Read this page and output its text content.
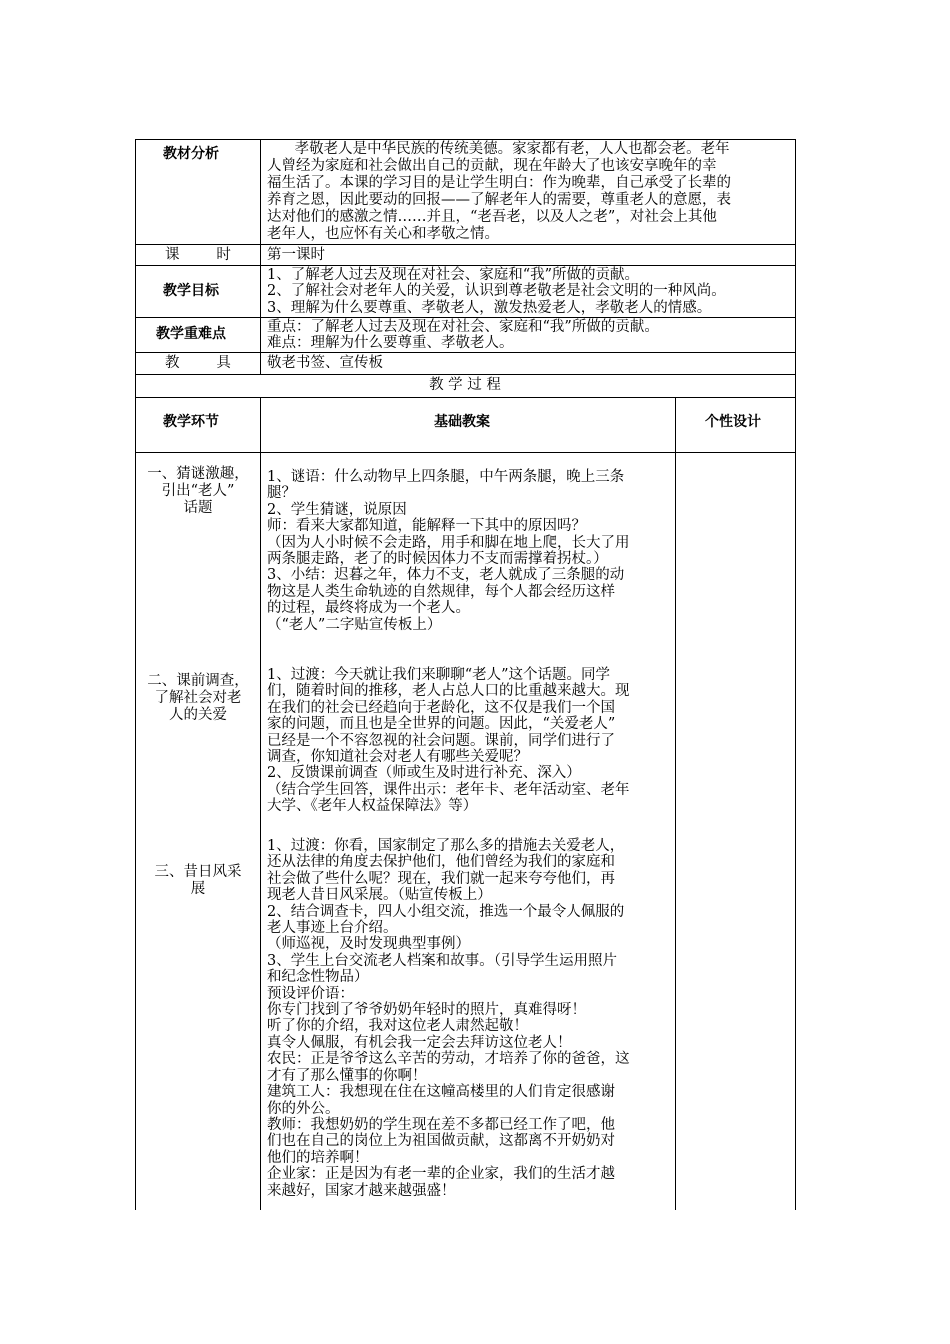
教材分析	孝敬老人是中华民族的传统美德。家家都有老，人人也都会老。老年
人曾经为家庭和社会做出自己的贡献，现在年龄大了也该安享晚年的幸
福生活了。本课的学习目的是让学生明白：作为晚辈，自己承受了长辈的
养育之恩，因此要动的回报——了解老年人的需要，尊重老人的意愿，表
达对他们的感激之情……并且，“老吾老，以及人之老”，对社会上其他
老年人，也应怀有关心和孝敬之情。
课        时 第一课时
教学目标
1、了解老人过去及现在对社会、家庭和“我”所做的贡献。
2、了解社会对老年人的关爱，认识到尊老敬老是社会文明的一种风尚。
3、理解为什么要尊重、孝敬老人，激发热爱老人，孝敬老人的情感。
教学重难点	重点：了解老人过去及现在对社会、家庭和“我”所做的贡献。
难点：理解为什么要尊重、孝敬老人。
教        具 敬老书签、宣传板
教 学 过 程
教学环节	基础教案	个性设计
一、猜谜激趣，
引出“老人”
话题
1、谜语：什么动物早上四条腿，中午两条腿，晚上三条
腿？
2、学生猜谜，说原因
师：看来大家都知道，能解释一下其中的原因吗？
（因为人小时候不会走路，用手和脚在地上爬，长大了用
两条腿走路，老了的时候因体力不支而需撑着拐杖。）
3、小结：迟暮之年，体力不支，老人就成了三条腿的动
物这是人类生命轨迹的自然规律，每个人都会经历这样
的过程，最终将成为一个老人。
（“老人”二字贴宣传板上）
二、课前调查，
了解社会对老
人的关爱
1、过渡：今天就让我们来聊聊“老人”这个话题。同学
们，随着时间的推移，老人占总人口的比重越来越大。现
在我们的社会已经趋向于老龄化，这不仅是我们一个国
家的问题，而且也是全世界的问题。因此，“关爱老人”
已经是一个不容忽视的社会问题。课前，同学们进行了
调查，你知道社会对老人有哪些关爱呢？
2、反馈课前调查（师或生及时进行补充、深入）
（结合学生回答，课件出示：老年卡、老年活动室、老年
大学、《老年人权益保障法》等）
三、昔日风采
展
1、过渡：你看，国家制定了那么多的措施去关爱老人，
还从法律的角度去保护他们，他们曾经为我们的家庭和
社会做了些什么呢？现在，我们就一起来夸夸他们，再
现老人昔日风采展。（贴宣传板上）
2、结合调查卡，四人小组交流，推选一个最令人佩服的
老人事迹上台介绍。
（师巡视，及时发现典型事例）
3、学生上台交流老人档案和故事。（引导学生运用照片
和纪念性物品）
预设评价语：
你专门找到了爷爷奶奶年轻时的照片，真难得呀！
听了你的介绍，我对这位老人肃然起敬！
真令人佩服，有机会我一定会去拜访这位老人！
农民：正是爷爷这么辛苦的劳动，才培养了你的爸爸，这
才有了那么懂事的你啊！
建筑工人：我想现在住在这幢高楼里的人们肯定很感谢
你的外公。
教师：我想奶奶的学生现在差不多都已经工作了吧，他
们也在自己的岗位上为祖国做贡献，这都离不开奶奶对
他们的培养啊！
企业家：正是因为有老一辈的企业家，我们的生活才越
来越好，国家才越来越强盛！
